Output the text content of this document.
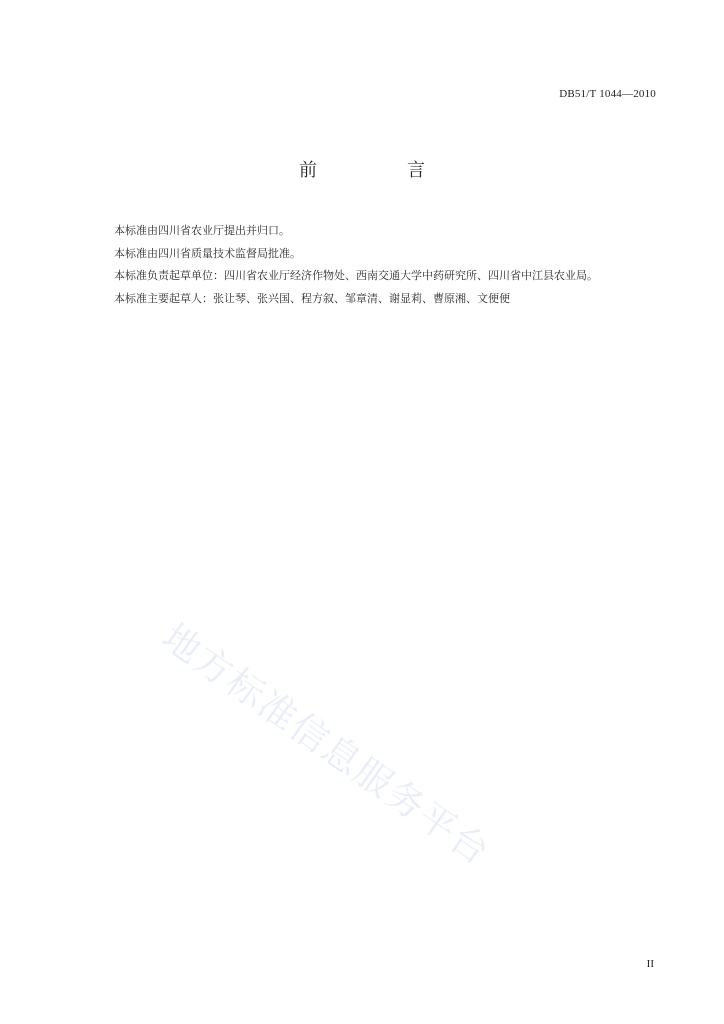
DB51/T 1044—2010
前　言
本标准由四川省农业厅提出并归口。
本标准由四川省质量技术监督局批准。
本标准负责起草单位：四川省农业厅经济作物处、西南交通大学中药研究所、四川省中江县农业局。
本标准主要起草人：张让琴、张兴国、程方叙、邹章清、谢显莉、曹原湘、文便便
地方标准信息服务平台
II
